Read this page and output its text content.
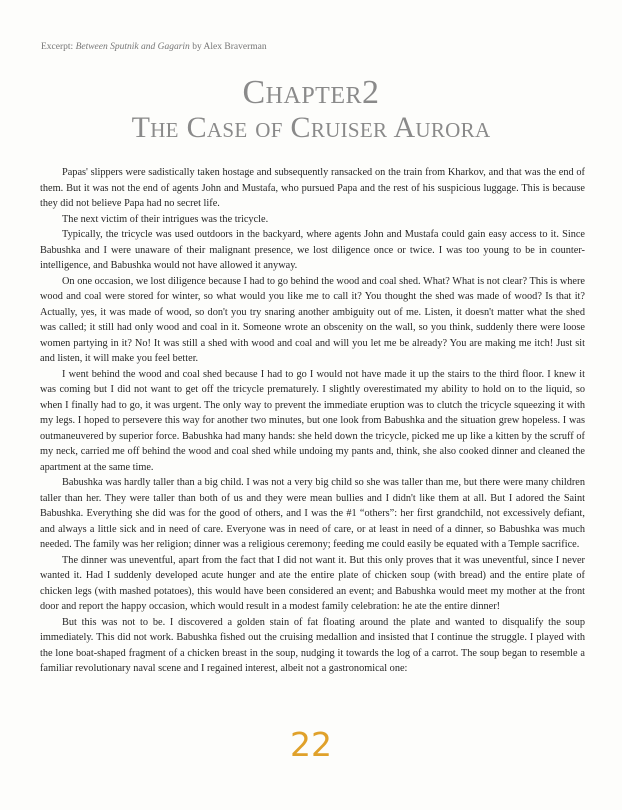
Excerpt: Between Sputnik and Gagarin by Alex Braverman
Chapter2
The Case of Cruiser Aurora

Papas' slippers were sadistically taken hostage and subsequently ransacked on the train from Kharkov, and that was the end of them. But it was not the end of agents John and Mustafa, who pursued Papa and the rest of his suspicious luggage. This is because they did not believe Papa had no secret life.

The next victim of their intrigues was the tricycle.

Typically, the tricycle was used outdoors in the backyard, where agents John and Mustafa could gain easy access to it. Since Babushka and I were unaware of their malignant presence, we lost diligence once or twice. I was too young to be in counter-intelligence, and Babushka would not have allowed it anyway.

On one occasion, we lost diligence because I had to go behind the wood and coal shed. What? What is not clear? This is where wood and coal were stored for winter, so what would you like me to call it? You thought the shed was made of wood? Is that it? Actually, yes, it was made of wood, so don't you try snaring another ambiguity out of me. Listen, it doesn't matter what the shed was called; it still had only wood and coal in it. Someone wrote an obscenity on the wall, so you think, suddenly there were loose women partying in it? No! It was still a shed with wood and coal and will you let me be already? You are making me itch! Just sit and listen, it will make you feel better.

I went behind the wood and coal shed because I had to go I would not have made it up the stairs to the third floor. I knew it was coming but I did not want to get off the tricycle prematurely. I slightly overestimated my ability to hold on to the liquid, so when I finally had to go, it was urgent. The only way to prevent the immediate eruption was to clutch the tricycle squeezing it with my legs. I hoped to persevere this way for another two minutes, but one look from Babushka and the situation grew hopeless. I was outmaneuvered by superior force. Babushka had many hands: she held down the tricycle, picked me up like a kitten by the scruff of my neck, carried me off behind the wood and coal shed while undoing my pants and, think, she also cooked dinner and cleaned the apartment at the same time.

Babushka was hardly taller than a big child. I was not a very big child so she was taller than me, but there were many children taller than her. They were taller than both of us and they were mean bullies and I didn't like them at all. But I adored the Saint Babushka. Everything she did was for the good of others, and I was the #1 “others”: her first grandchild, not excessively defiant, and always a little sick and in need of care. Everyone was in need of care, or at least in need of a dinner, so Babushka was much needed. The family was her religion; dinner was a religious ceremony; feeding me could easily be equated with a Temple sacrifice.

The dinner was uneventful, apart from the fact that I did not want it. But this only proves that it was uneventful, since I never wanted it. Had I suddenly developed acute hunger and ate the entire plate of chicken soup (with bread) and the entire plate of chicken legs (with mashed potatoes), this would have been considered an event; and Babushka would meet my mother at the front door and report the happy occasion, which would result in a modest family celebration: he ate the entire dinner!

But this was not to be. I discovered a golden stain of fat floating around the plate and wanted to disqualify the soup immediately. This did not work. Babushka fished out the cruising medallion and insisted that I continue the struggle. I played with the lone boat-shaped fragment of a chicken breast in the soup, nudging it towards the log of a carrot. The soup began to resemble a familiar revolutionary naval scene and I regained interest, albeit not a gastronomical one:

22
